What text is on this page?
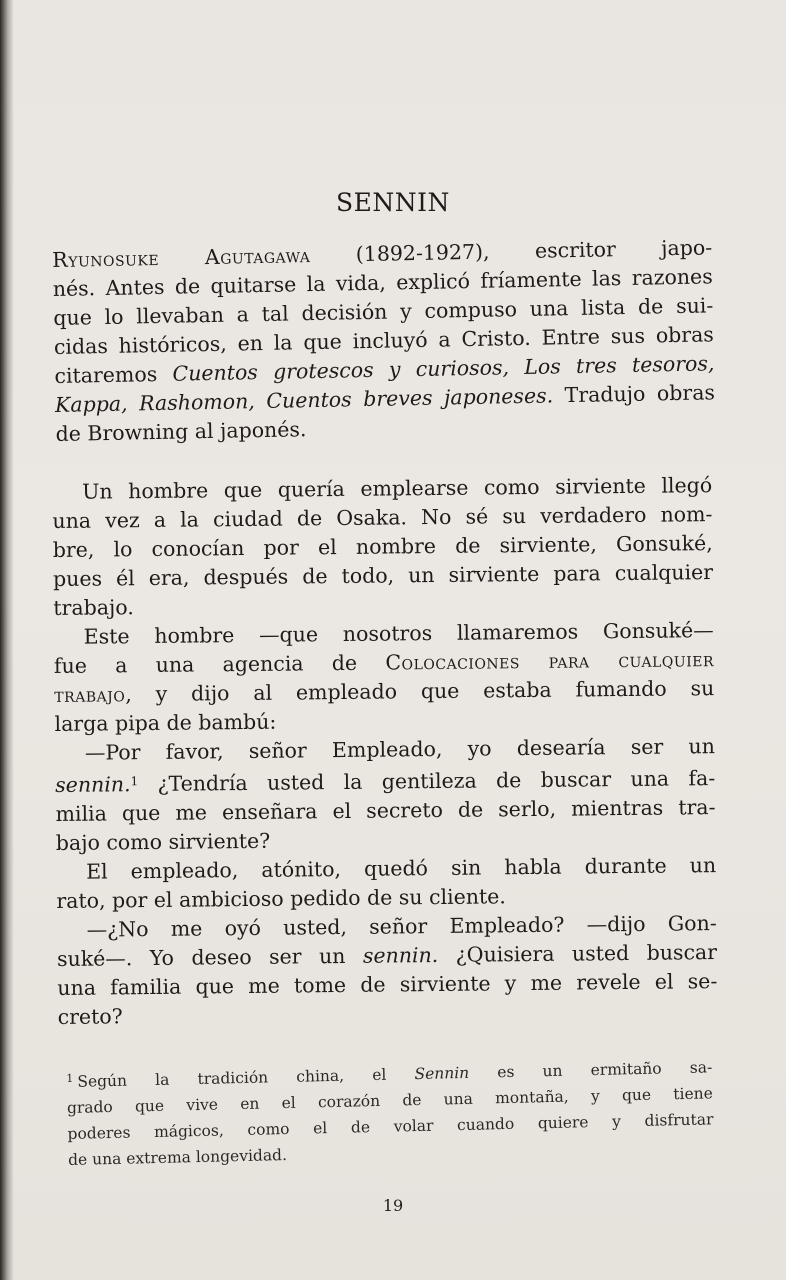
SENNIN

Ryunosuke Agutagawa (1892-1927), escritor japo-
nés. Antes de quitarse la vida, explicó fríamente las razones
que lo llevaban a tal decisión y compuso una lista de sui-
cidas históricos, en la que incluyó a Cristo. Entre sus obras
citaremos Cuentos grotescos y curiosos, Los tres tesoros,
Kappa, Rashomon, Cuentos breves japoneses. Tradujo obras
de Browning al japonés.

Un hombre que quería emplearse como sirviente llegó
una vez a la ciudad de Osaka. No sé su verdadero nom-
bre, lo conocían por el nombre de sirviente, Gonsuké,
pues él era, después de todo, un sirviente para cualquier
trabajo.
Este hombre —que nosotros llamaremos Gonsuké—
fue a una agencia de Colocaciones para cualquier
trabajo, y dijo al empleado que estaba fumando su
larga pipa de bambú:
—Por favor, señor Empleado, yo desearía ser un
sennin.$^1$ ¿Tendría usted la gentileza de buscar una fa-
milia que me enseñara el secreto de serlo, mientras tra-
bajo como sirviente?
El empleado, atónito, quedó sin habla durante un
rato, por el ambicioso pedido de su cliente.
—¿No me oyó usted, señor Empleado? —dijo Gon-
suké—. Yo deseo ser un sennin. ¿Quisiera usted buscar
una familia que me tome de sirviente y me revele el se-
creto?
$^1$ Según la tradición china, el Sennin es un ermitaño sa-
grado que vive en el corazón de una montaña, y que tiene
poderes mágicos, como el de volar cuando quiere y disfrutar
de una extrema longevidad.

19
